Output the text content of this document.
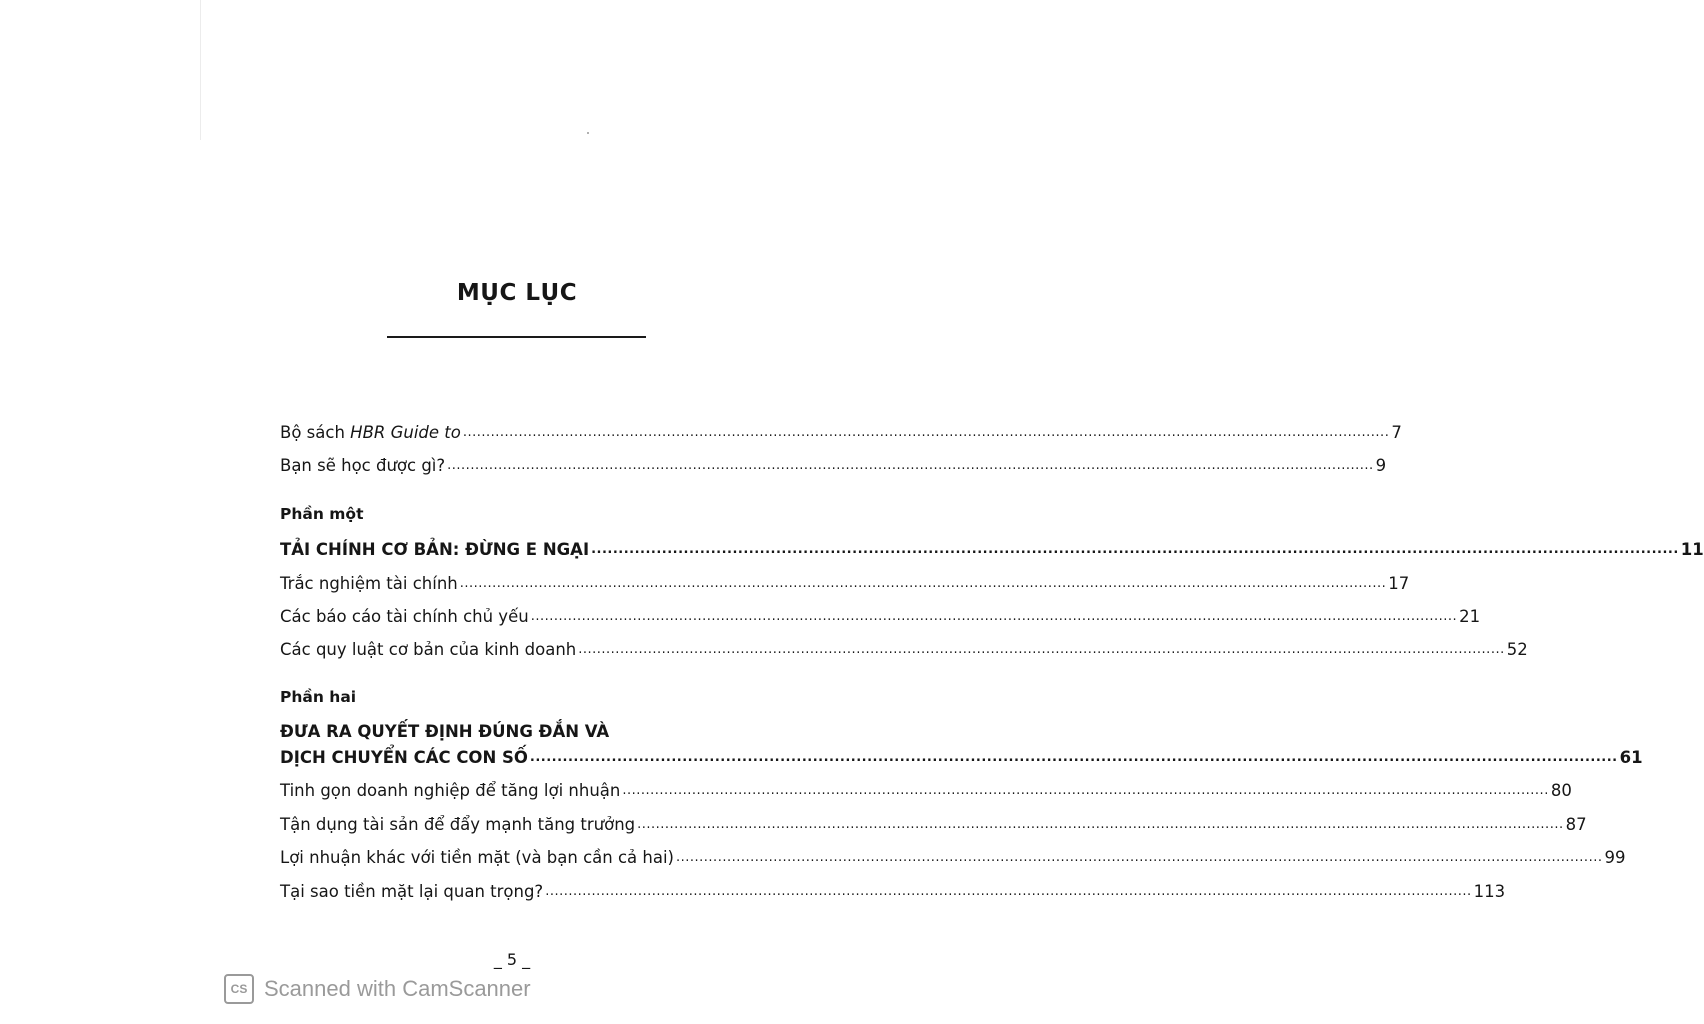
MỤC LỤC
Bộ sách HBR Guide to ........................................................................................................................................................................................................ 7
Bạn sẽ học được gì? ........................................................................................................................................................................................................ 9
Phần một
TẢI CHÍNH CƠ BẢN: ĐỪNG E NGẠI ........................................................................................................................................................................................................ 11
Trắc nghiệm tài chính ........................................................................................................................................................................................................ 17
Các báo cáo tài chính chủ yếu ........................................................................................................................................................................................................ 21
Các quy luật cơ bản của kinh doanh ........................................................................................................................................................................................................ 52
Phần hai
ĐƯA RA QUYẾT ĐỊNH ĐÚNG ĐẮN VÀ
DỊCH CHUYỂN CÁC CON SỐ ........................................................................................................................................................................................................ 61
Tinh gọn doanh nghiệp để tăng lợi nhuận ........................................................................................................................................................................................................ 80
Tận dụng tài sản để đẩy mạnh tăng trưởng ........................................................................................................................................................................................................ 87
Lợi nhuận khác với tiền mặt (và bạn cần cả hai) ........................................................................................................................................................................................................ 99
Tại sao tiền mặt lại quan trọng? ........................................................................................................................................................................................................ 113
_ 5 _
CS Scanned with CamScanner
